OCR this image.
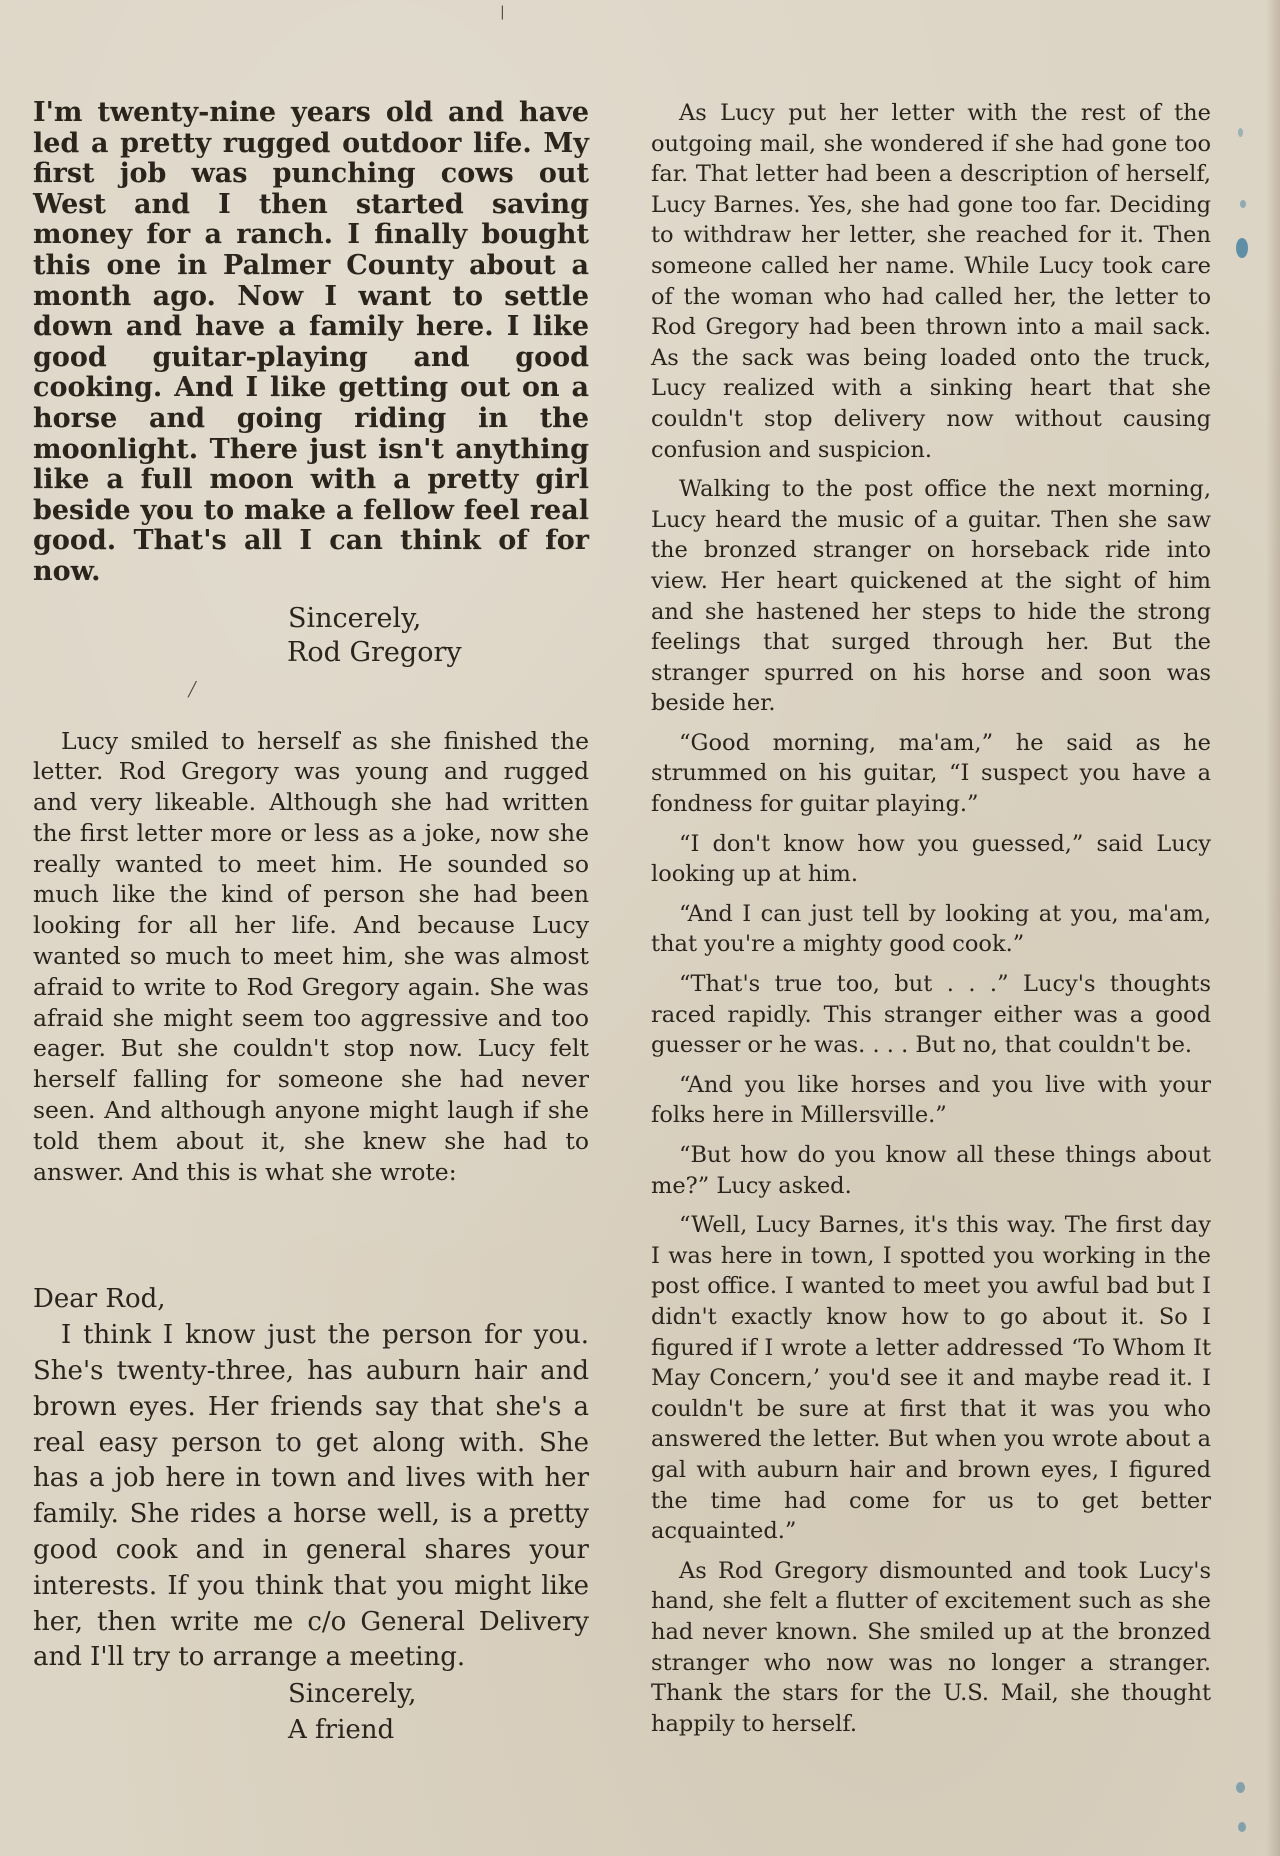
|
╱

I'm twenty-nine years old and have led a pretty rugged outdoor life. My first job was punching cows out West and I then started saving money for a ranch. I finally bought this one in Palmer County about a month ago. Now I want to settle down and have a family here. I like good guitar-playing and good cooking. And I like getting out on a horse and going riding in the moonlight. There just isn't anything like a full moon with a pretty girl beside you to make a fellow feel real good. That's all I can think of for now.

Sincerely,
Rod Gregory

Lucy smiled to herself as she finished the letter. Rod Gregory was young and rugged and very likeable. Although she had written the first letter more or less as a joke, now she really wanted to meet him. He sounded so much like the kind of person she had been looking for all her life. And because Lucy wanted so much to meet him, she was almost afraid to write to Rod Gregory again. She was afraid she might seem too aggressive and too eager. But she couldn't stop now. Lucy felt herself falling for someone she had never seen. And although anyone might laugh if she told them about it, she knew she had to answer. And this is what she wrote:

Dear Rod,

I think I know just the person for you. She's twenty-three, has auburn hair and brown eyes. Her friends say that she's a real easy person to get along with. She has a job here in town and lives with her family. She rides a horse well, is a pretty good cook and in general shares your interests. If you think that you might like her, then write me c/o General Delivery and I'll try to arrange a meeting.

Sincerely,
A friend

As Lucy put her letter with the rest of the outgoing mail, she wondered if she had gone too far. That letter had been a description of herself, Lucy Barnes. Yes, she had gone too far. Deciding to withdraw her letter, she reached for it. Then someone called her name. While Lucy took care of the woman who had called her, the letter to Rod Gregory had been thrown into a mail sack. As the sack was being loaded onto the truck, Lucy realized with a sinking heart that she couldn't stop delivery now without causing confusion and suspicion.

Walking to the post office the next morning, Lucy heard the music of a guitar. Then she saw the bronzed stranger on horseback ride into view. Her heart quickened at the sight of him and she hastened her steps to hide the strong feelings that surged through her. But the stranger spurred on his horse and soon was beside her.

“Good morning, ma'am,” he said as he strummed on his guitar, “I suspect you have a fondness for guitar playing.”

“I don't know how you guessed,” said Lucy looking up at him.

“And I can just tell by looking at you, ma'am, that you're a mighty good cook.”

“That's true too, but . . .” Lucy's thoughts raced rapidly. This stranger either was a good guesser or he was. . . . But no, that couldn't be.

“And you like horses and you live with your folks here in Millersville.”

“But how do you know all these things about me?” Lucy asked.

“Well, Lucy Barnes, it's this way. The first day I was here in town, I spotted you working in the post office. I wanted to meet you awful bad but I didn't exactly know how to go about it. So I figured if I wrote a letter addressed ‘To Whom It May Concern,’ you'd see it and maybe read it. I couldn't be sure at first that it was you who answered the letter. But when you wrote about a gal with auburn hair and brown eyes, I figured the time had come for us to get better acquainted.”

As Rod Gregory dismounted and took Lucy's hand, she felt a flutter of excitement such as she had never known. She smiled up at the bronzed stranger who now was no longer a stranger. Thank the stars for the U.S. Mail, she thought happily to herself.
